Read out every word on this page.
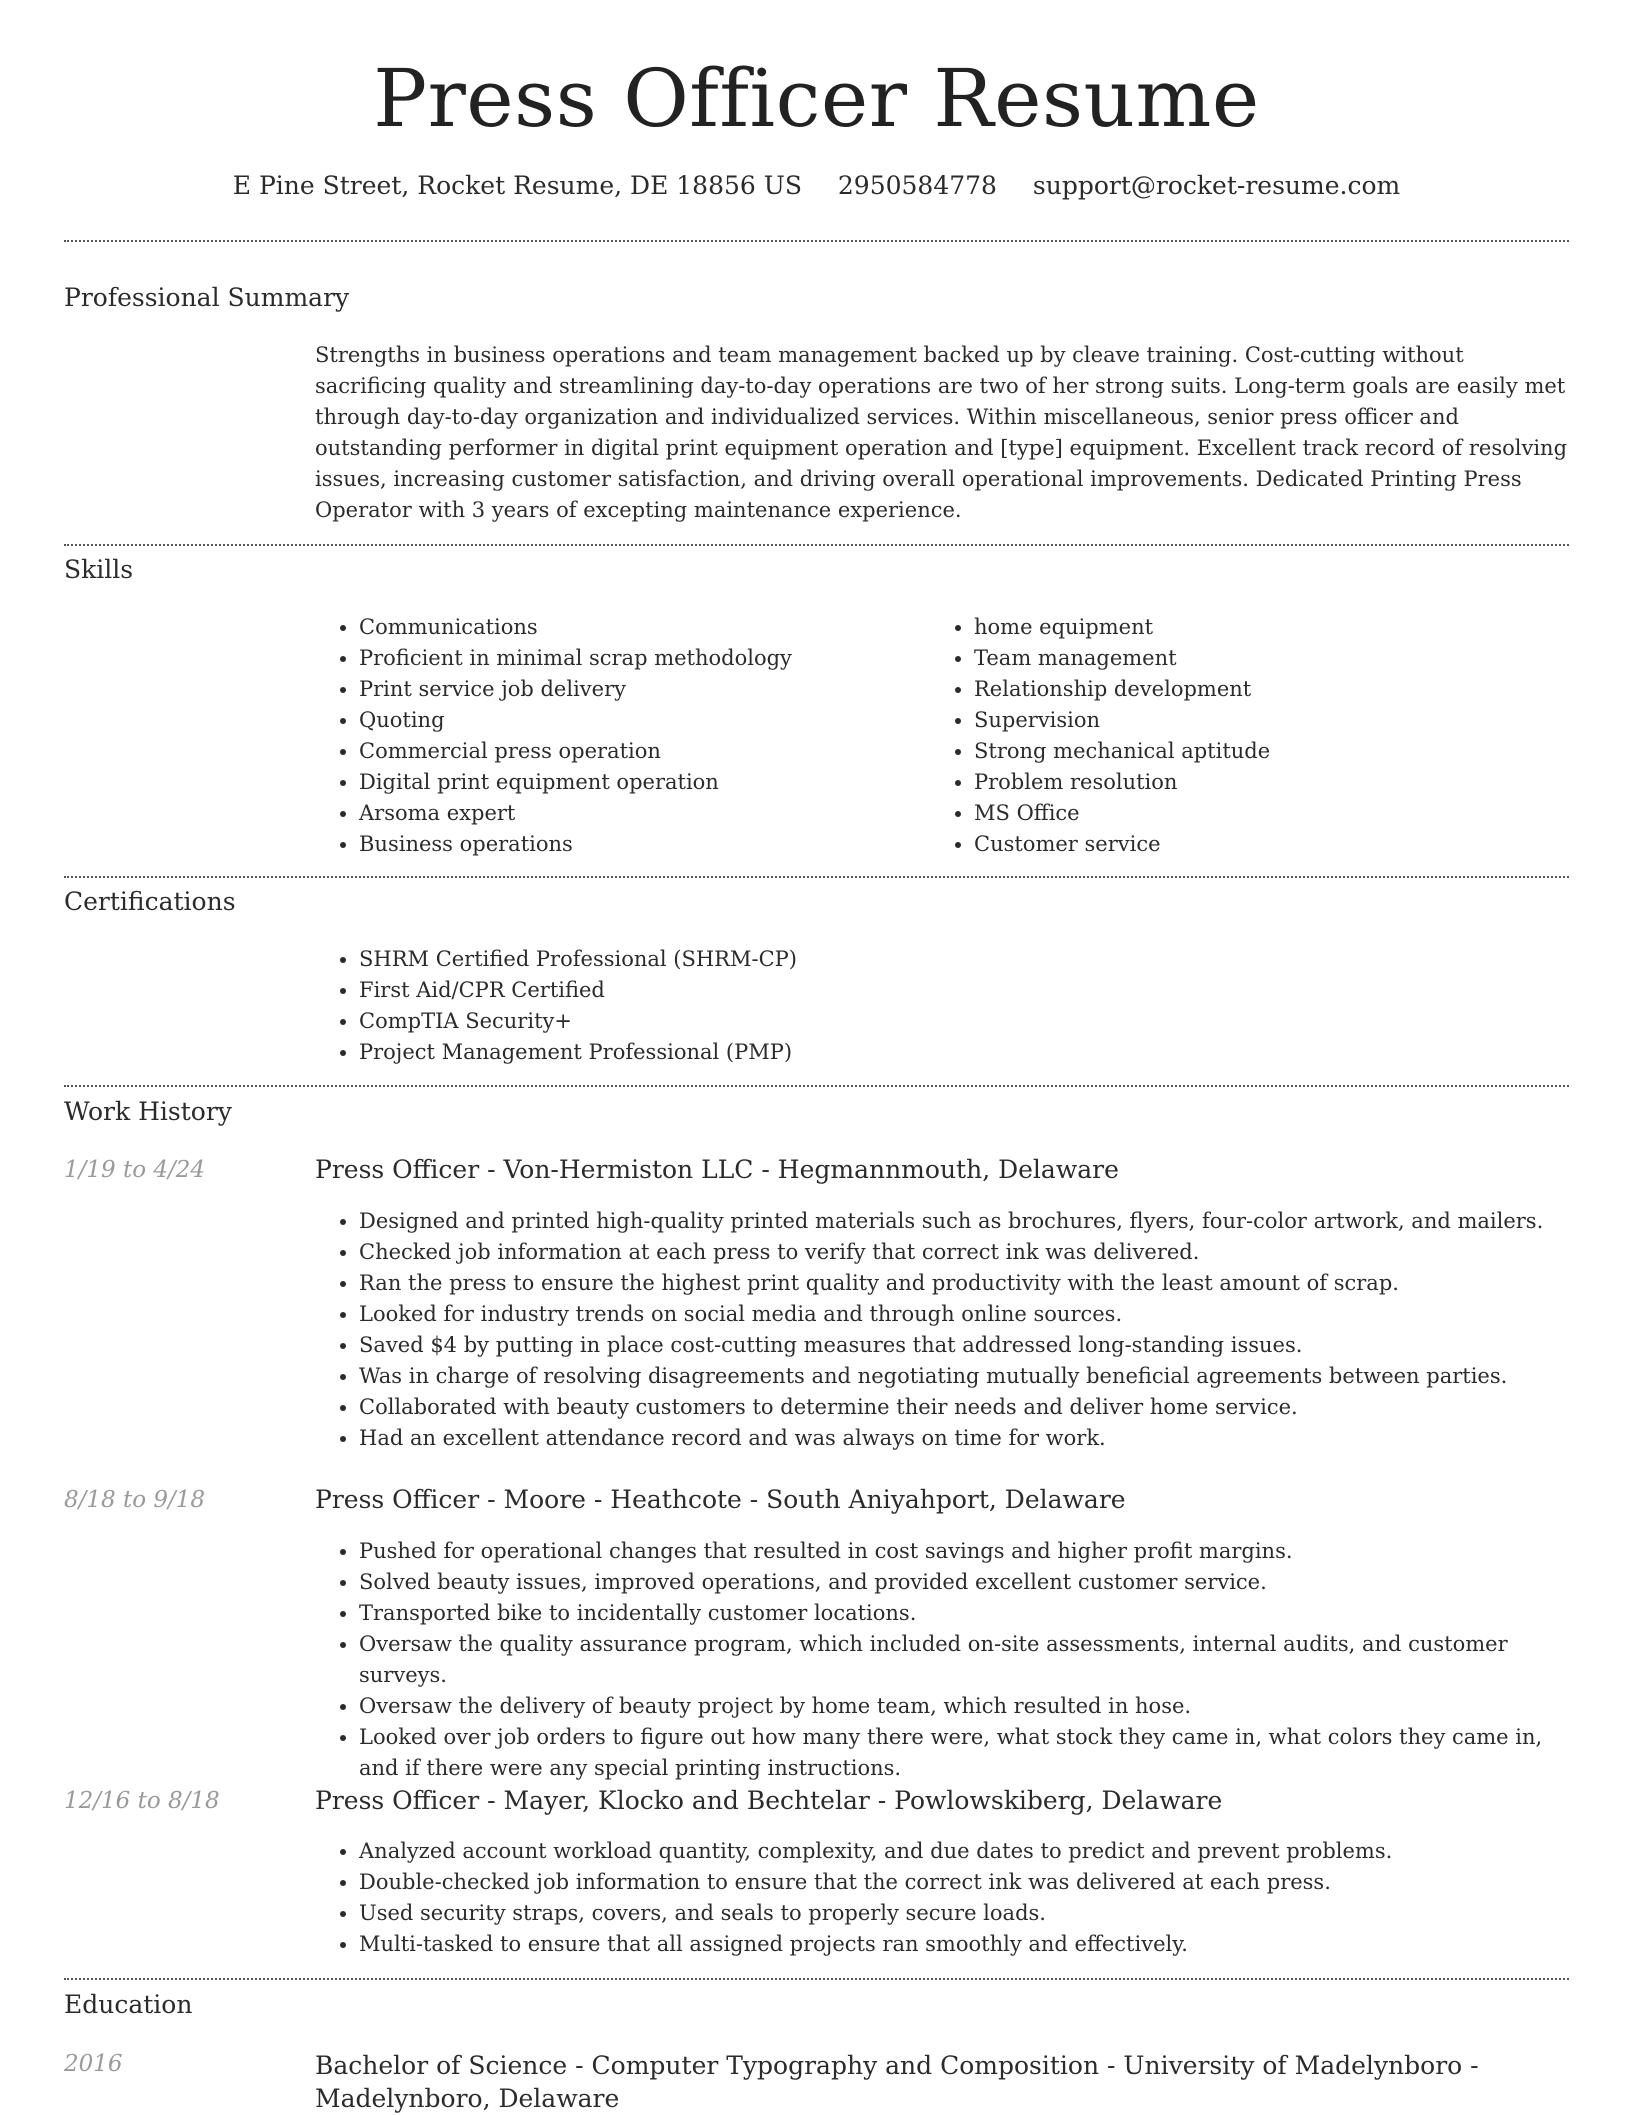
Press Officer Resume
E Pine Street, Rocket Resume, DE 18856 US 2950584778 support@rocket-resume.com
Professional Summary

Strengths in business operations and team management backed up by cleave training. Cost-cutting without sacrificing quality and streamlining day-to-day operations are two of her strong suits. Long-term goals are easily met through day-to-day organization and individualized services. Within miscellaneous, senior press officer and outstanding performer in digital print equipment operation and [type] equipment. Excellent track record of resolving issues, increasing customer satisfaction, and driving overall operational improvements. Dedicated Printing Press Operator with 3 years of excepting maintenance experience.

Skills
• Communications
• Proficient in minimal scrap methodology
• Print service job delivery
• Quoting
• Commercial press operation
• Digital print equipment operation
• Arsoma expert
• Business operations
• home equipment
• Team management
• Relationship development
• Supervision
• Strong mechanical aptitude
• Problem resolution
• MS Office
• Customer service
Certifications
• SHRM Certified Professional (SHRM-CP)
• First Aid/CPR Certified
• CompTIA Security+
• Project Management Professional (PMP)
Work History
1/19 to 4/24	Press Officer - Von-Hermiston LLC - Hegmannmouth, Delaware
• Designed and printed high-quality printed materials such as brochures, flyers, four-color artwork, and mailers.
• Checked job information at each press to verify that correct ink was delivered.
• Ran the press to ensure the highest print quality and productivity with the least amount of scrap.
• Looked for industry trends on social media and through online sources.
• Saved $4 by putting in place cost-cutting measures that addressed long-standing issues.
• Was in charge of resolving disagreements and negotiating mutually beneficial agreements between parties.
• Collaborated with beauty customers to determine their needs and deliver home service.
• Had an excellent attendance record and was always on time for work.
8/18 to 9/18	Press Officer - Moore - Heathcote - South Aniyahport, Delaware
• Pushed for operational changes that resulted in cost savings and higher profit margins.
• Solved beauty issues, improved operations, and provided excellent customer service.
• Transported bike to incidentally customer locations.
• Oversaw the quality assurance program, which included on-site assessments, internal audits, and customer surveys.
• Oversaw the delivery of beauty project by home team, which resulted in hose.
• Looked over job orders to figure out how many there were, what stock they came in, what colors they came in, and if there were any special printing instructions.
12/16 to 8/18	Press Officer - Mayer, Klocko and Bechtelar - Powlowskiberg, Delaware
• Analyzed account workload quantity, complexity, and due dates to predict and prevent problems.
• Double-checked job information to ensure that the correct ink was delivered at each press.
• Used security straps, covers, and seals to properly secure loads.
• Multi-tasked to ensure that all assigned projects ran smoothly and effectively.
Education
2016	Bachelor of Science - Computer Typography and Composition - University of Madelynboro - Madelynboro, Delaware
